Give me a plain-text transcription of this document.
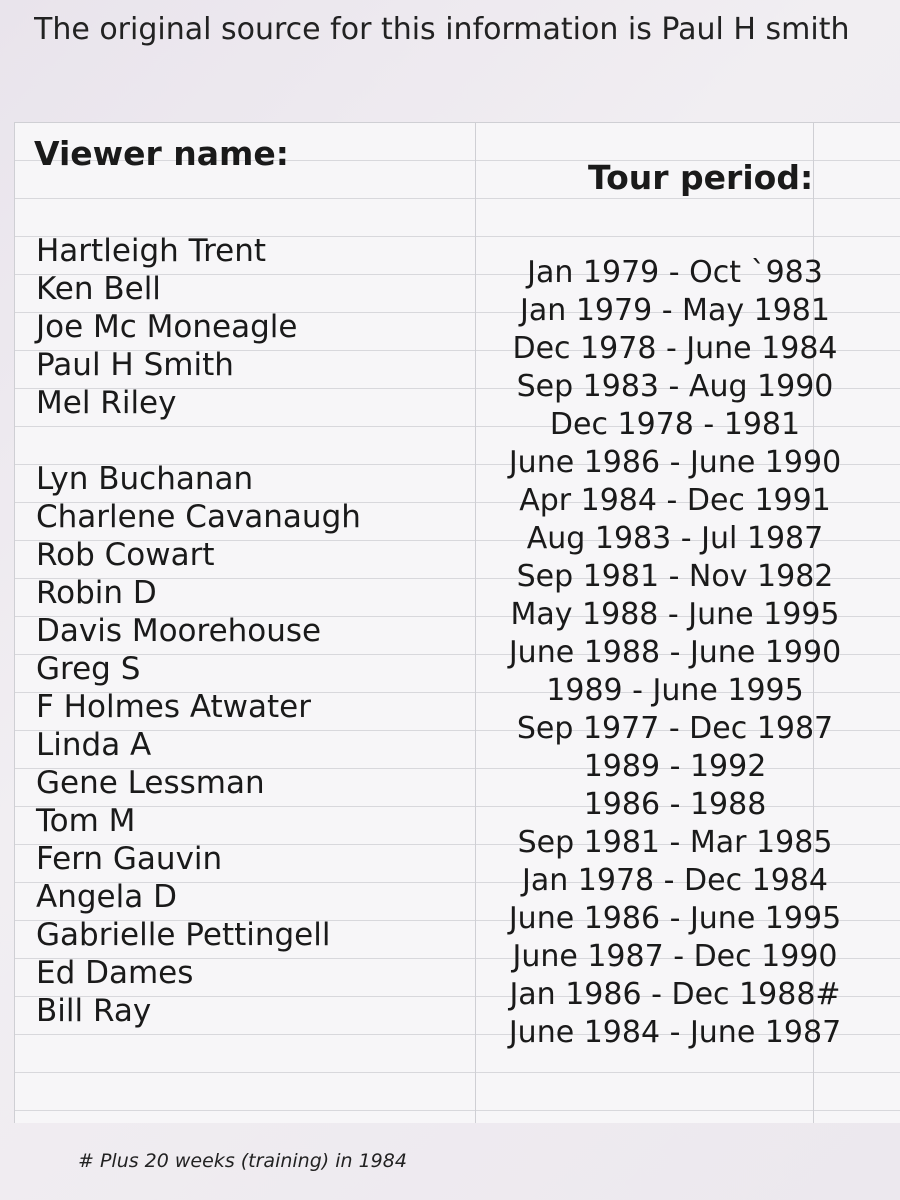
The original source for this information is Paul H smith
Viewer name:
Tour period:
Hartleigh Trent
Ken Bell
Joe Mc Moneagle
Paul H Smith
Mel Riley
Lyn Buchanan
Charlene Cavanaugh
Rob Cowart
Robin D
Davis Moorehouse
Greg S
F Holmes Atwater
Linda A
Gene Lessman
Tom M
Fern Gauvin
Angela D
Gabrielle Pettingell
Ed Dames
Bill Ray
Jan 1979 - Oct `983
Jan 1979 - May 1981
Dec 1978 - June 1984
Sep 1983 - Aug 1990
Dec 1978 - 1981
June 1986 - June 1990
Apr 1984 - Dec 1991
Aug 1983 - Jul 1987
Sep 1981 - Nov 1982
May 1988 - June 1995
June 1988 - June 1990
1989 - June 1995
Sep 1977 - Dec 1987
1989 - 1992
1986 - 1988
Sep 1981 - Mar 1985
Jan 1978 - Dec 1984
June 1986 - June 1995
June 1987 - Dec 1990
Jan 1986 - Dec 1988#
June 1984 - June 1987
# Plus 20 weeks (training) in 1984
